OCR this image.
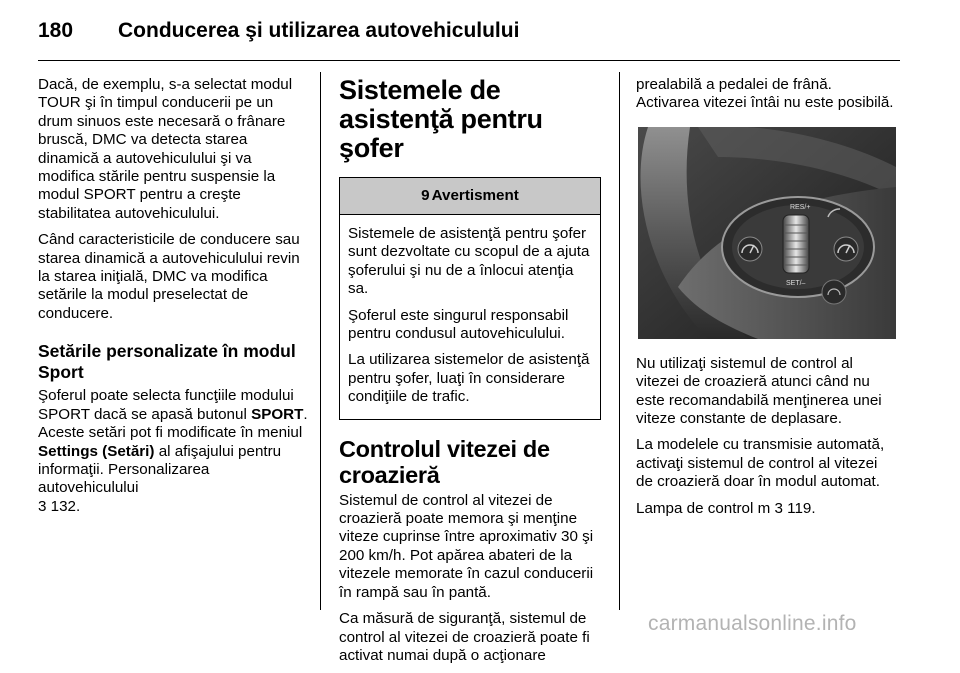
180 Conducerea şi utilizarea autovehiculului

Dacă, de exemplu, s-a selectat modul TOUR şi în timpul conducerii pe un drum sinuos este necesară o frânare bruscă, DMC va detecta starea dinamică a autovehiculului şi va modifica stările pentru suspensie la modul SPORT pentru a creşte stabilitatea autovehiculului.

Când caracteristicile de conducere sau starea dinamică a autovehiculului revin la starea iniţială, DMC va modifica setările la modul preselectat de conducere.

Setările personalizate în modul Sport

Şoferul poate selecta funcţiile modului SPORT dacă se apasă butonul SPORT. Aceste setări pot fi modificate în meniul Settings (Setări) al afişajului pentru informaţii. Personalizarea autovehiculului
3 132.

Sistemele de asistenţă pentru şofer
9 Avertisment

Sistemele de asistenţă pentru şofer sunt dezvoltate cu scopul de a ajuta şoferului şi nu de a înlocui atenţia sa.

Şoferul este singurul responsabil pentru condusul autovehiculului.

La utilizarea sistemelor de asistenţă pentru şofer, luaţi în considerare condiţiile de trafic.

Controlul vitezei de croazieră

Sistemul de control al vitezei de croazieră poate memora şi menţine viteze cuprinse între aproximativ 30 şi 200 km/h. Pot apărea abateri de la vitezele memorate în cazul conducerii în rampă sau în pantă.

Ca măsură de siguranţă, sistemul de control al vitezei de croazieră poate fi activat numai după o acţionare

prealabilă a pedalei de frână. Activarea vitezei întâi nu este posibilă.

RES/+
SET/–

Nu utilizaţi sistemul de control al vitezei de croazieră atunci când nu este recomandabilă menţinerea unei viteze constante de deplasare.

La modelele cu transmisie automată, activaţi sistemul de control al vitezei de croazieră doar în modul automat.

Lampa de control m 3 119.

carmanualsonline.info
